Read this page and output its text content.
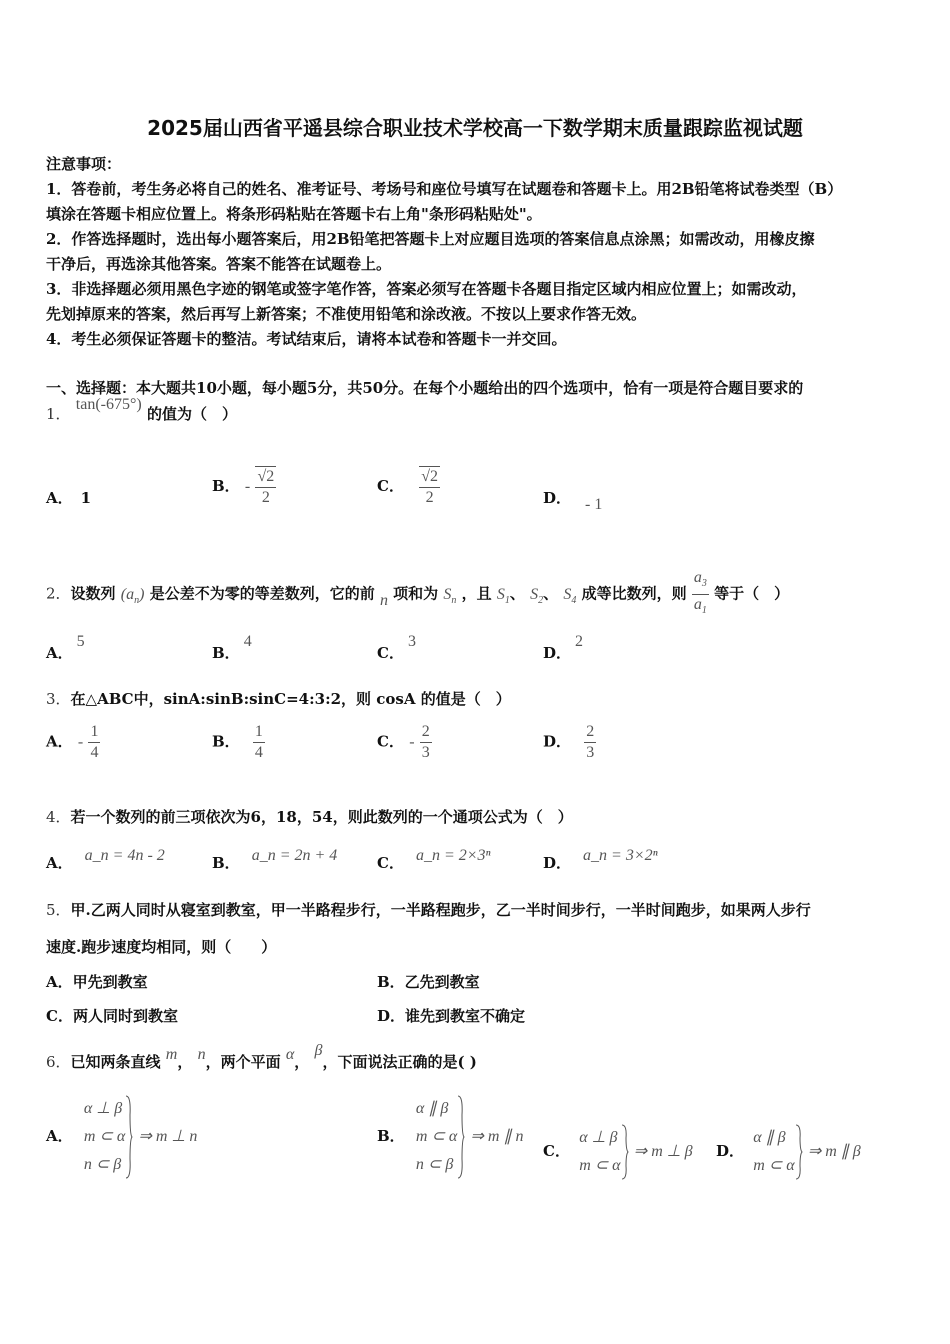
2025届山西省平遥县综合职业技术学校高一下数学期末质量跟踪监视试题
注意事项：
1．答卷前，考生务必将自己的姓名、准考证号、考场号和座位号填写在试题卷和答题卡上。用2B铅笔将试卷类型（B）
填涂在答题卡相应位置上。将条形码粘贴在答题卡右上角"条形码粘贴处"。
2．作答选择题时，选出每小题答案后，用2B铅笔把答题卡上对应题目选项的答案信息点涂黑；如需改动，用橡皮擦
干净后，再选涂其他答案。答案不能答在试题卷上。
3．非选择题必须用黑色字迹的钢笔或签字笔作答，答案必须写在答题卡各题目指定区域内相应位置上；如需改动，
先划掉原来的答案，然后再写上新答案；不准使用铅笔和涂改液。不按以上要求作答无效。
4．考生必须保证答题卡的整洁。考试结束后，请将本试卷和答题卡一并交回。
一、选择题：本大题共10小题，每小题5分，共50分。在每个小题给出的四个选项中，恰有一项是符合题目要求的
1． tan(-675°) 的值为（　）
A． 1
B． - $\frac{√2}{2}$	C． $\frac{√2}{2}$	D． - 1
2．设数列 $(a_n)$ 是公差不为零的等差数列，它的前 n 项和为 $S_n$ ，且 $S_1$、 $S_2$、 $S_4$ 成等比数列，则 $\frac{a_3}{a_1}$ 等于（　）
A．5
B．4
C．3
D．2
3．在△ABC中，sinA:sinB:sinC=4:3:2，则 cosA 的值是（　）
A． - $\frac{1}{4}$	B． $\frac{1}{4}$	C． - $\frac{2}{3}$	D． $\frac{2}{3}$
4．若一个数列的前三项依次为6，18，54，则此数列的一个通项公式为（　）
A． a_n = 4n - 2	B． a_n = 2n + 4	C． a_n = 2×3ⁿ	D． a_n = 3×2ⁿ
5．甲.乙两人同时从寝室到教室，甲一半路程步行，一半路程跑步，乙一半时间步行，一半时间跑步，如果两人步行
速度.跑步速度均相同，则（　　）
A．甲先到教室	B．乙先到教室
C．两人同时到教室	D．谁先到教室不确定
6．已知两条直线 m， n，两个平面 α， β，下面说法正确的是( )
A．
α ⊥ β
m ⊂ α
n ⊂ β
⇒ m ⊥ n	B．
α ∥ β
m ⊂ α
n ⊂ β
⇒ m ∥ n
C．
α ⊥ β
m ⊂ α
⇒ m ⊥ β D．
α ∥ β
m ⊂ α
⇒ m ∥ β
